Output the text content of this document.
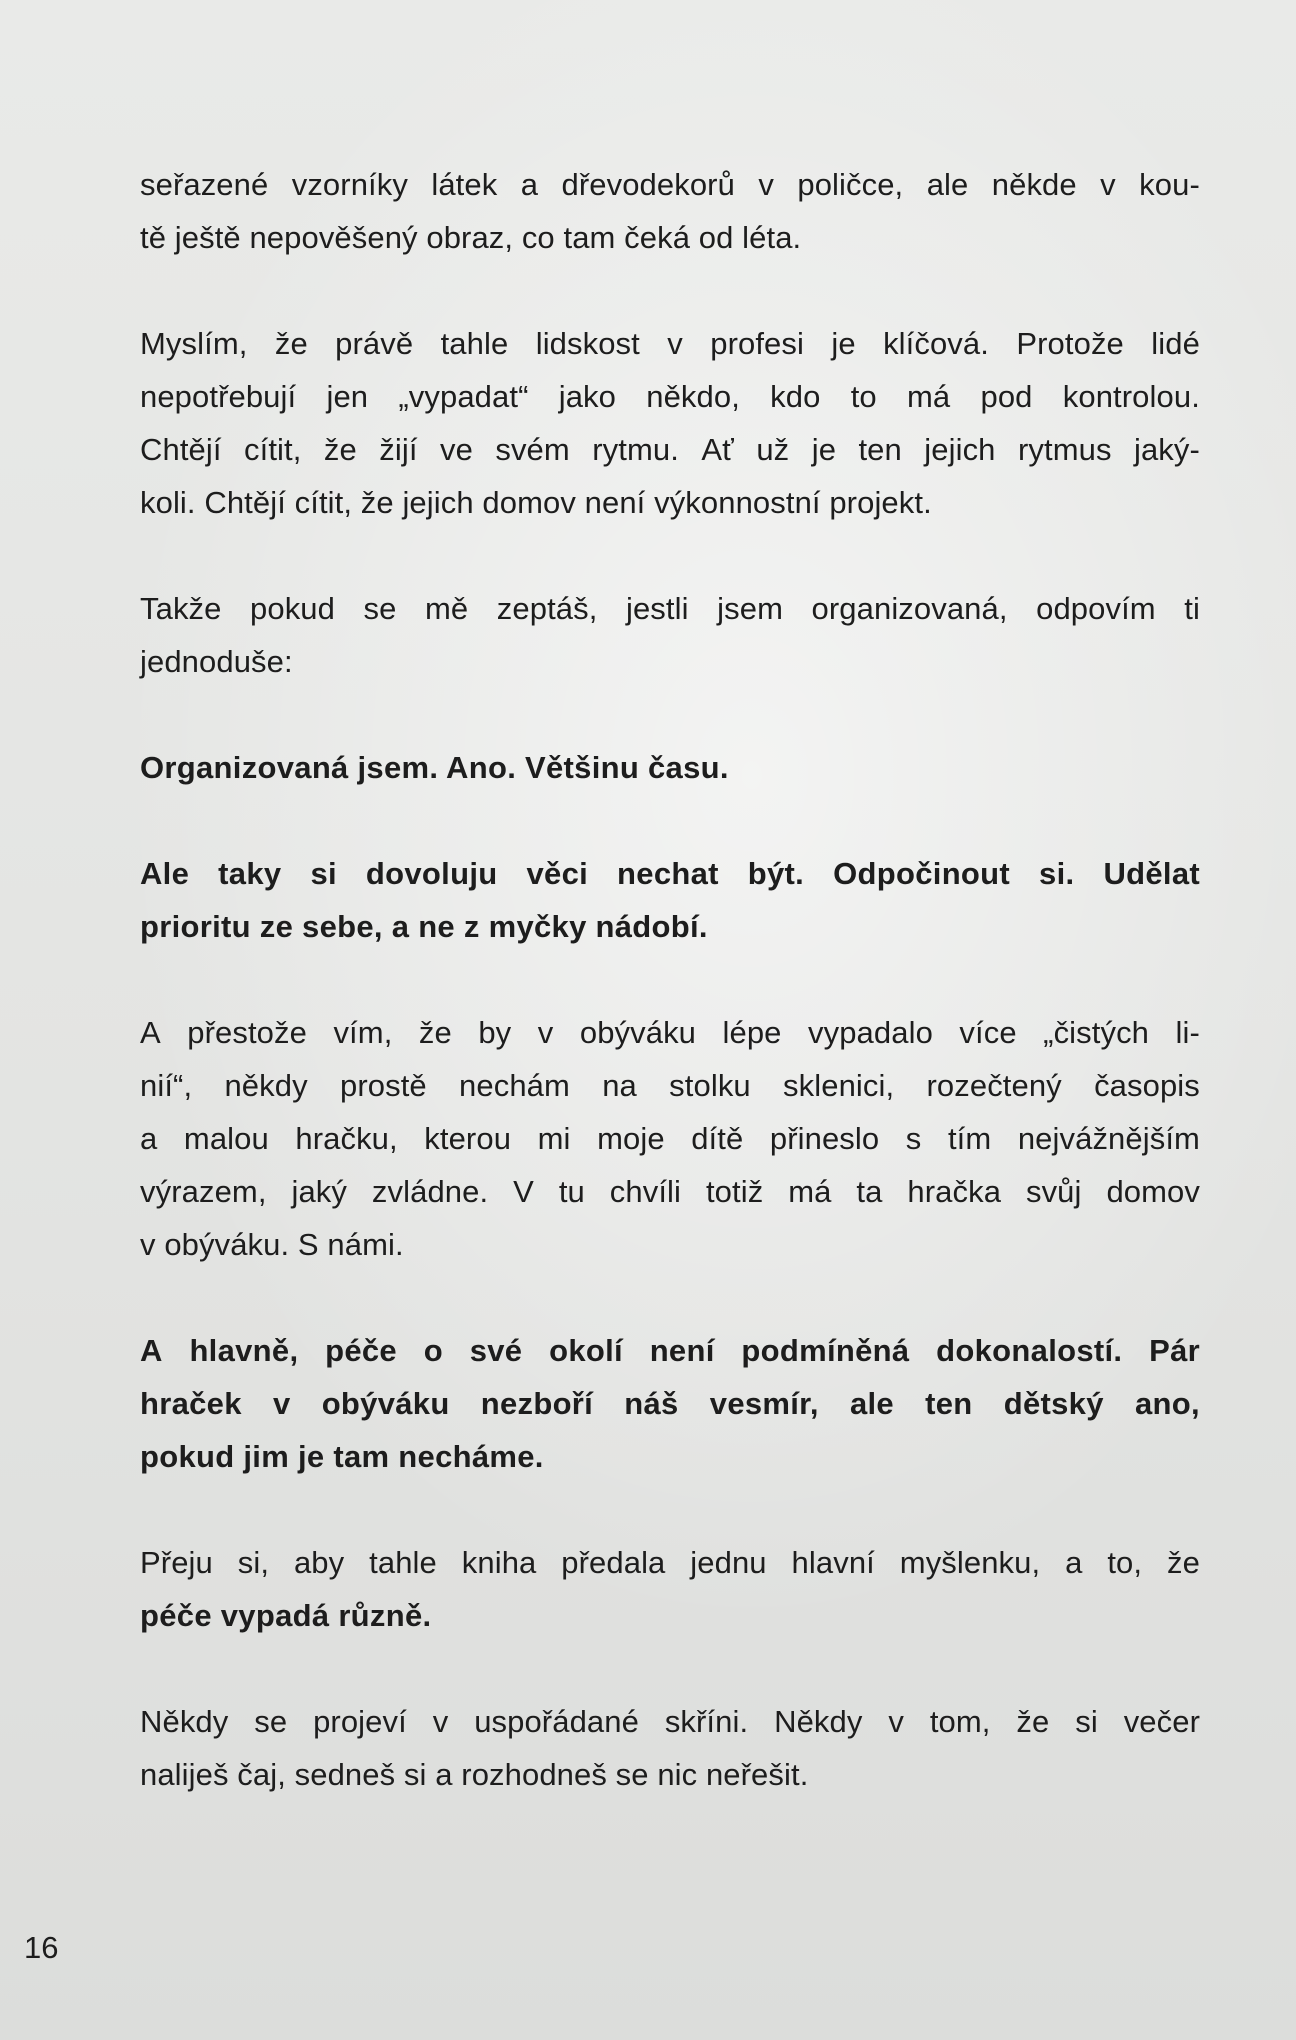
seřazené vzorníky látek a dřevodekorů v poličce, ale někde v kou-
tě ještě nepověšený obraz, co tam čeká od léta.
Myslím, že právě tahle lidskost v profesi je klíčová. Protože lidé
nepotřebují jen „vypadat“ jako někdo, kdo to má pod kontrolou.
Chtějí cítit, že žijí ve svém rytmu. Ať už je ten jejich rytmus jaký-
koli. Chtějí cítit, že jejich domov není výkonnostní projekt.
Takže pokud se mě zeptáš, jestli jsem organizovaná, odpovím ti
jednoduše:
Organizovaná jsem. Ano. Většinu času.
Ale taky si dovoluju věci nechat být. Odpočinout si. Udělat
prioritu ze sebe, a ne z myčky nádobí.
A přestože vím, že by v obýváku lépe vypadalo více „čistých li-
nií“, někdy prostě nechám na stolku sklenici, rozečtený časopis
a malou hračku, kterou mi moje dítě přineslo s tím nejvážnějším
výrazem, jaký zvládne. V tu chvíli totiž má ta hračka svůj domov
v obýváku. S námi.
A hlavně, péče o své okolí není podmíněná dokonalostí. Pár
hraček v obýváku nezboří náš vesmír, ale ten dětský ano,
pokud jim je tam necháme.
Přeju si, aby tahle kniha předala jednu hlavní myšlenku, a to, že
péče vypadá různě.
Někdy se projeví v uspořádané skříni. Někdy v tom, že si večer
naliješ čaj, sedneš si a rozhodneš se nic neřešit.
16
